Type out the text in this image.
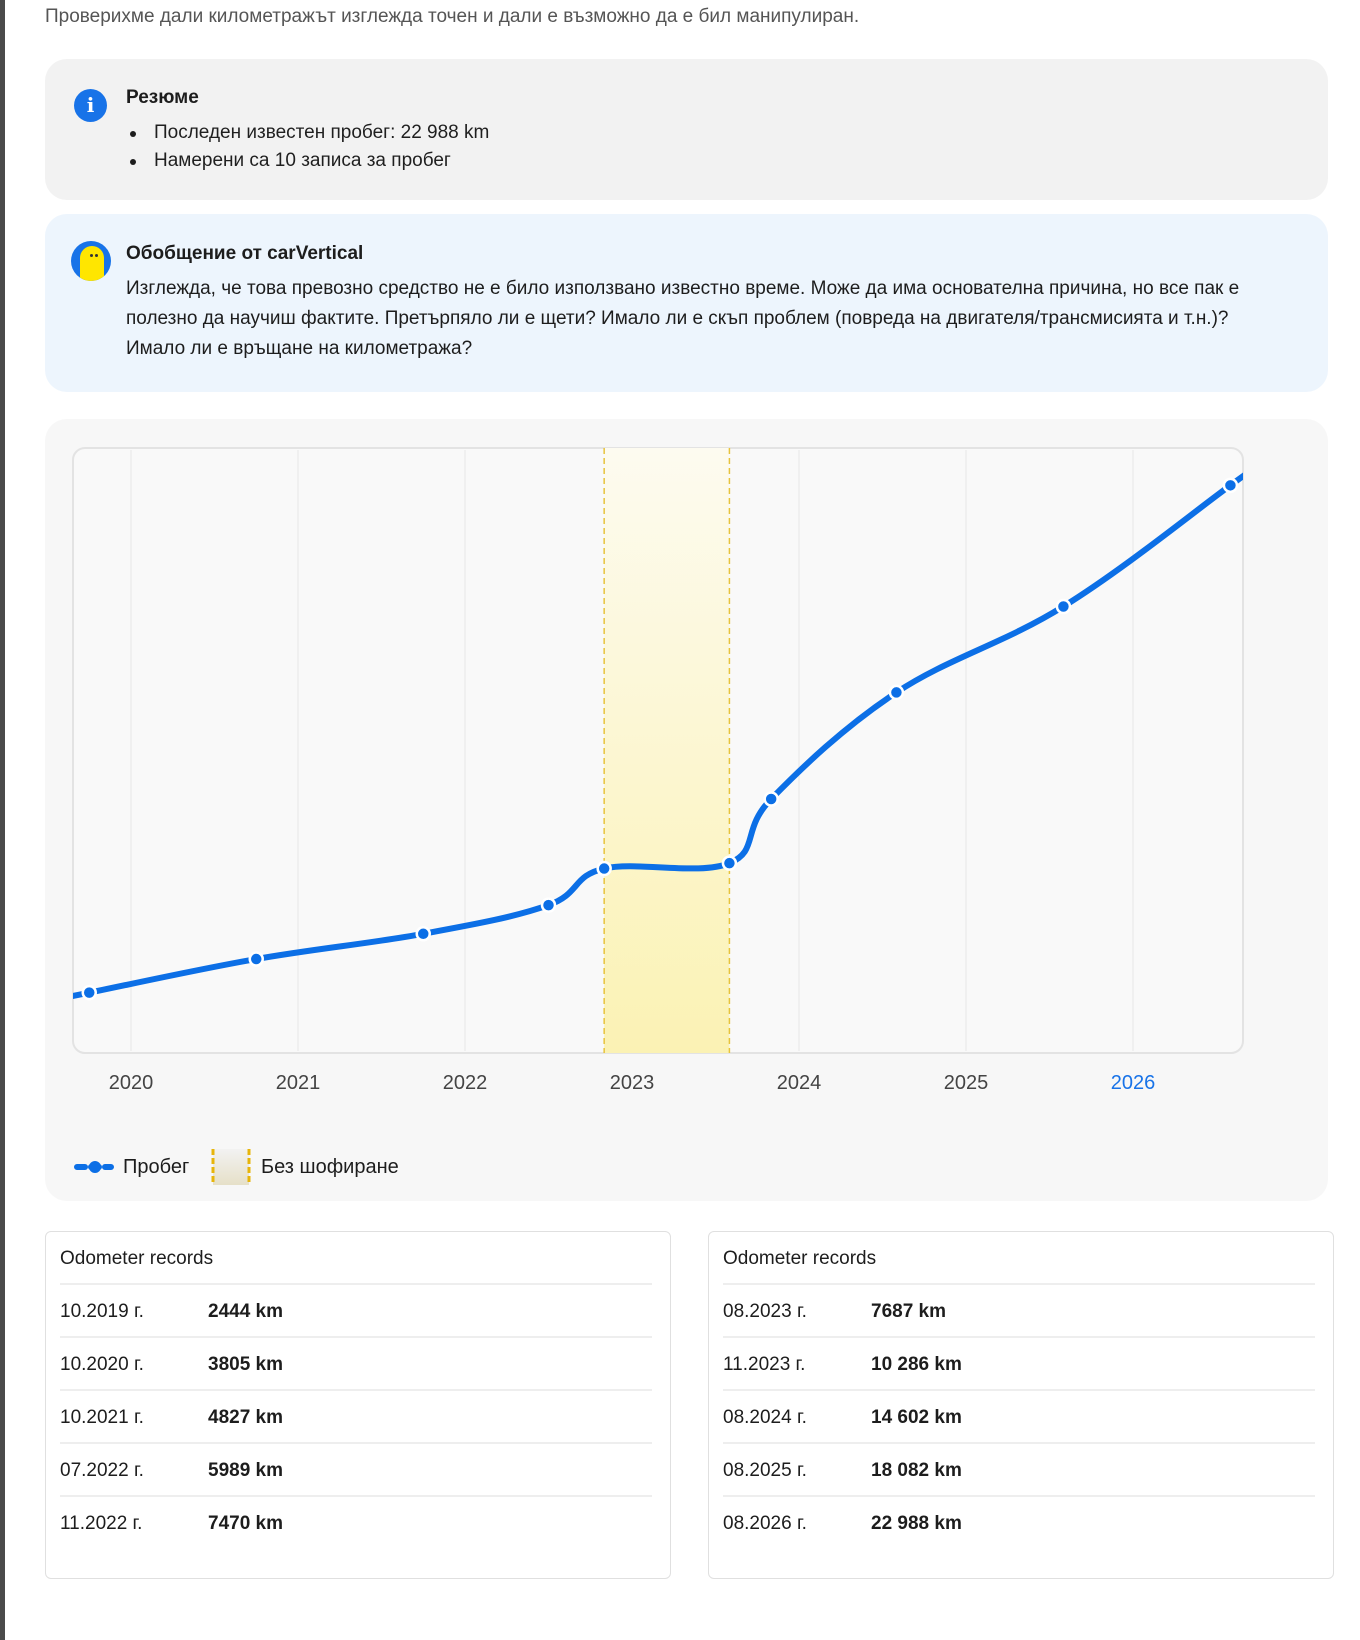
Проверихме дали километражът изглежда точен и дали е възможно да е бил манипулиран.
i	Резюме
Последен известен пробег: 22 988 km
Намерени са 10 записа за пробег
Обобщение от carVertical
Изглежда, че това превозно средство не е било използвано известно време. Може да има основателна причина, но все пак е полезно да научиш фактите. Претърпяло ли е щети? Имало ли е скъп проблем (повреда на двигателя/трансмисията и т.н.)? Имало ли е връщане на километража?
2020	2021	2022	2023	2024	2025	2026
Пробег	Без шофиране
Odometer records
10.2019 г.	2444 km
10.2020 г.	3805 km
10.2021 г.	4827 km
07.2022 г.	5989 km
11.2022 г.	7470 km
Odometer records
08.2023 г.	7687 km
11.2023 г.	10 286 km
08.2024 г.	14 602 km
08.2025 г.	18 082 km
08.2026 г.	22 988 km
